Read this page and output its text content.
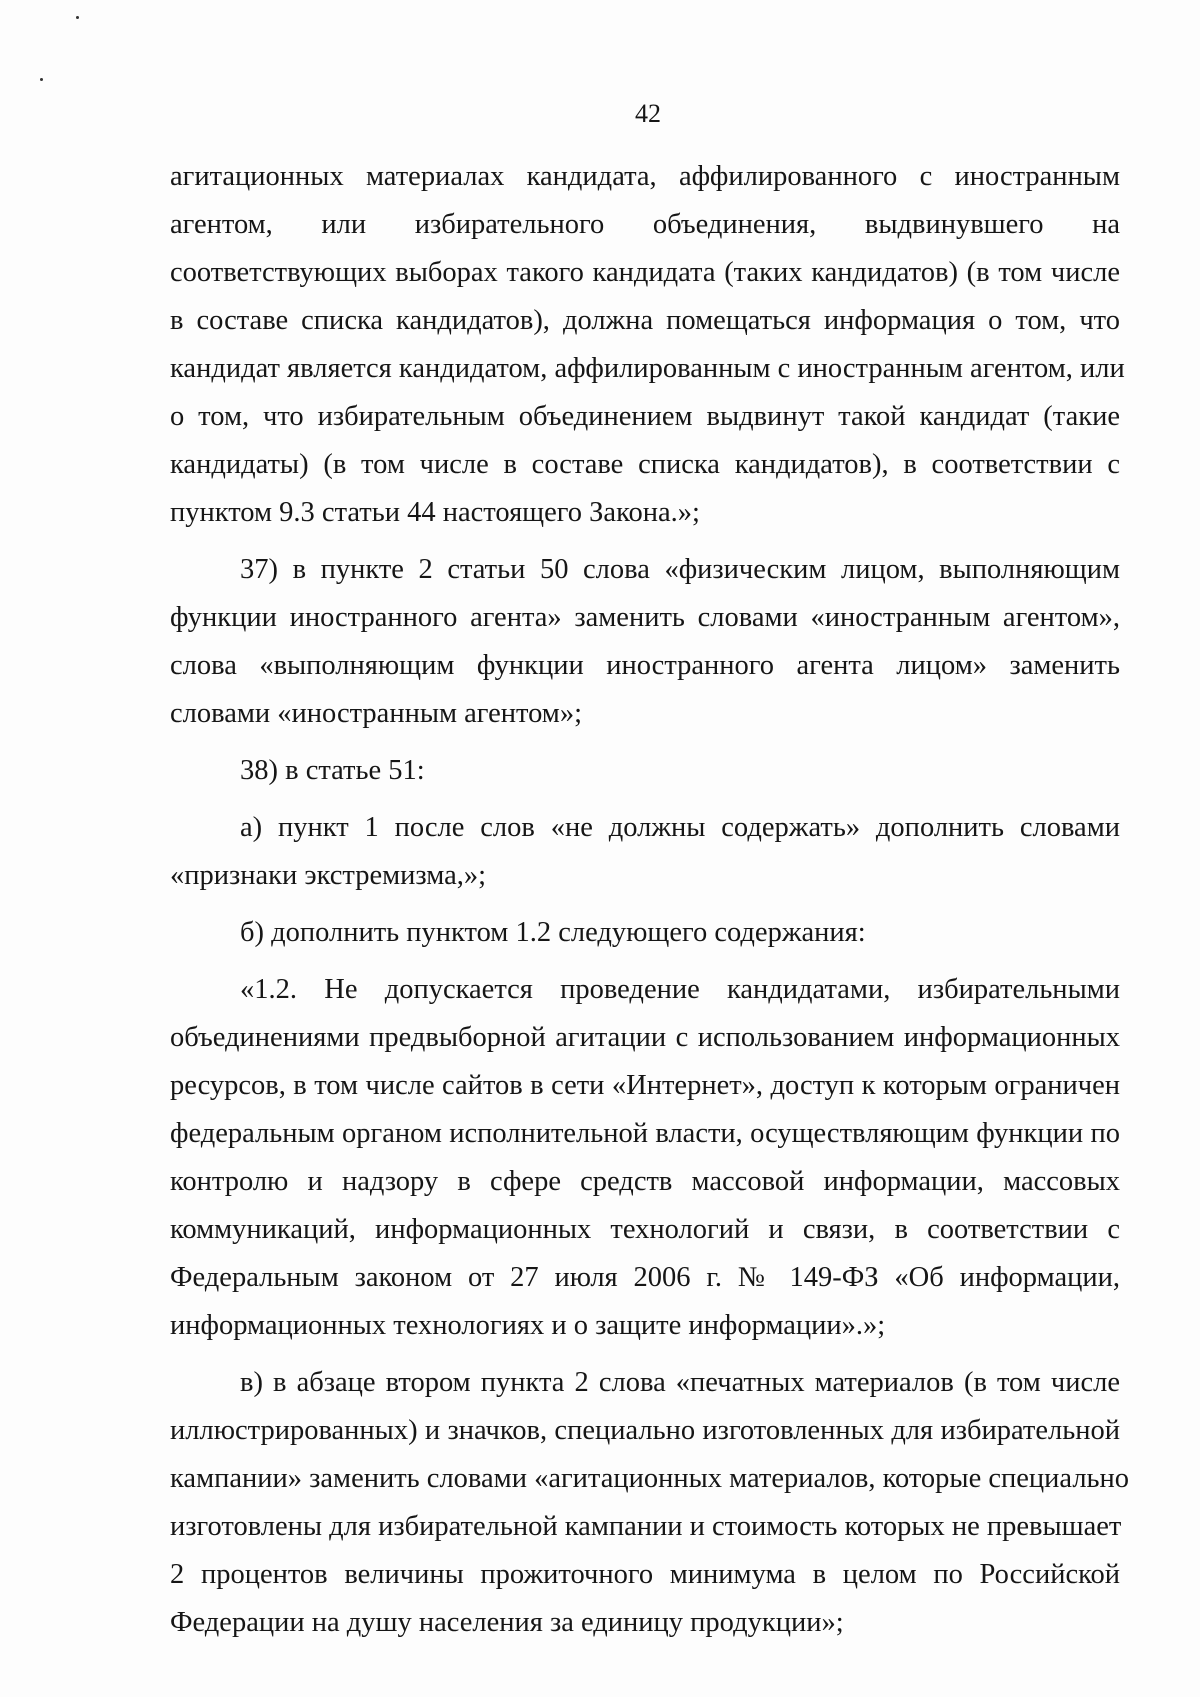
42
агитационных материалах кандидата, аффилированного с иностранным
агентом, или избирательного объединения, выдвинувшего на
соответствующих выборах такого кандидата (таких кандидатов) (в том числе
в составе списка кандидатов), должна помещаться информация о том, что
кандидат является кандидатом, аффилированным с иностранным агентом, или
о том, что избирательным объединением выдвинут такой кандидат (такие
кандидаты) (в том числе в составе списка кандидатов), в соответствии с
пунктом 9.3 статьи 44 настоящего Закона.»;
37) в пункте 2 статьи 50 слова «физическим лицом, выполняющим
функции иностранного агента» заменить словами «иностранным агентом»,
слова «выполняющим функции иностранного агента лицом» заменить
словами «иностранным агентом»;
38) в статье 51:
а) пункт 1 после слов «не должны содержать» дополнить словами
«признаки экстремизма,»;
б) дополнить пунктом 1.2 следующего содержания:
«1.2. Не допускается проведение кандидатами, избирательными
объединениями предвыборной агитации с использованием информационных
ресурсов, в том числе сайтов в сети «Интернет», доступ к которым ограничен
федеральным органом исполнительной власти, осуществляющим функции по
контролю и надзору в сфере средств массовой информации, массовых
коммуникаций, информационных технологий и связи, в соответствии с
Федеральным законом от 27 июля 2006 г. № 149-ФЗ «Об информации,
информационных технологиях и о защите информации».»;
в) в абзаце втором пункта 2 слова «печатных материалов (в том числе
иллюстрированных) и значков, специально изготовленных для избирательной
кампании» заменить словами «агитационных материалов, которые специально
изготовлены для избирательной кампании и стоимость которых не превышает
2 процентов величины прожиточного минимума в целом по Российской
Федерации на душу населения за единицу продукции»;
